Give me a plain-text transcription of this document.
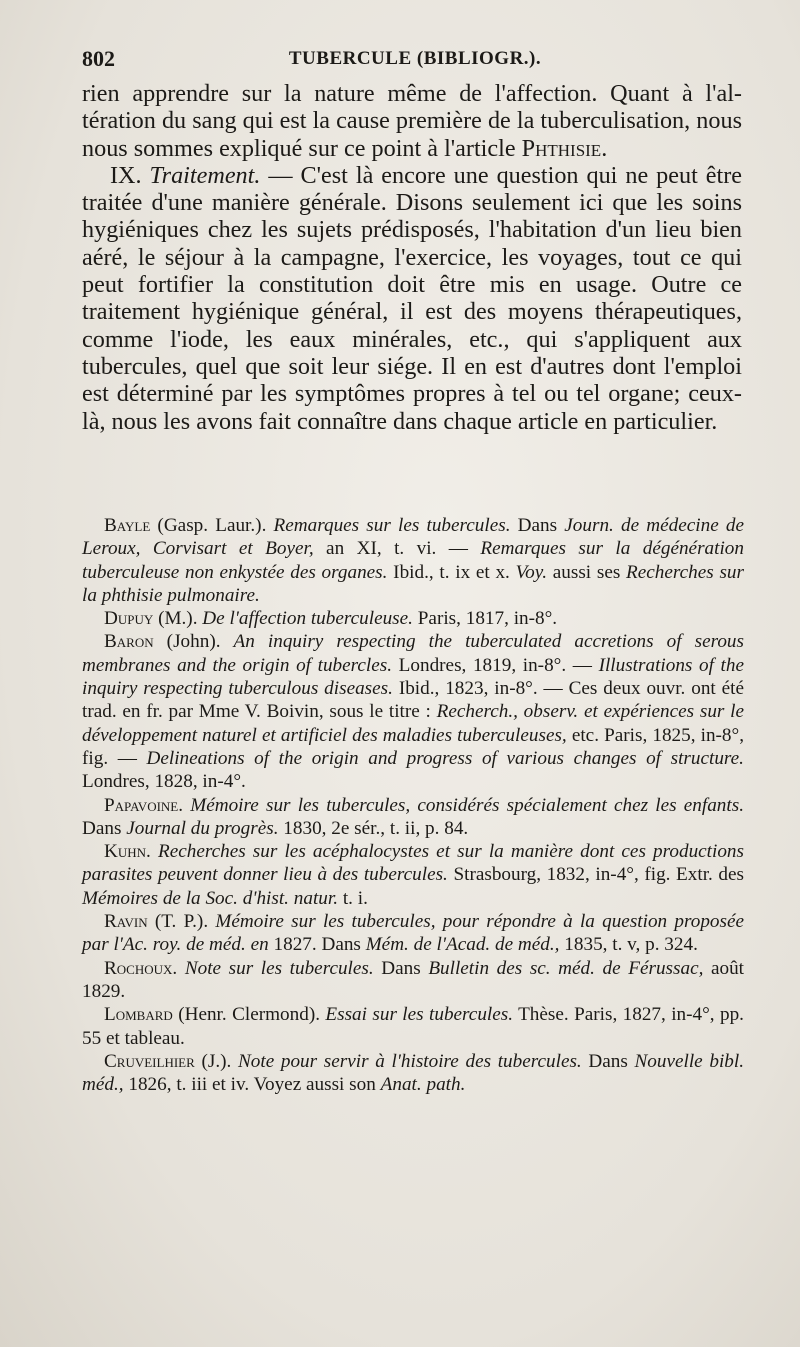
802	TUBERCULE (BIBLIOGR.).

rien apprendre sur la nature même de l'affection. Quant à l'al- tération du sang qui est la cause première de la tuberculisation, nous nous sommes expliqué sur ce point à l'article Phthisie.

IX. Traitement. — C'est là encore une question qui ne peut être traitée d'une manière générale. Disons seulement ici que les soins hygiéniques chez les sujets prédisposés, l'habitation d'un lieu bien aéré, le séjour à la campagne, l'exercice, les voyages, tout ce qui peut fortifier la constitution doit être mis en usage. Outre ce traitement hygiénique général, il est des moyens thérapeutiques, comme l'iode, les eaux minérales, etc., qui s'appliquent aux tubercules, quel que soit leur siége. Il en est d'autres dont l'emploi est déterminé par les symptômes propres à tel ou tel organe; ceux-là, nous les avons fait connaître dans chaque article en particulier.

Bayle (Gasp. Laur.). Remarques sur les tubercules. Dans Journ. de médecine de Leroux, Corvisart et Boyer, an XI, t. vi. — Remarques sur la dégénération tuberculeuse non enkystée des organes. Ibid., t. ix et x. Voy. aussi ses Recherches sur la phthisie pulmonaire.

Dupuy (M.). De l'affection tuberculeuse. Paris, 1817, in-8°.

Baron (John). An inquiry respecting the tuberculated accretions of serous membranes and the origin of tubercles. Londres, 1819, in-8°. — Illustrations of the inquiry respecting tuberculous diseases. Ibid., 1823, in-8°. — Ces deux ouvr. ont été trad. en fr. par Mme V. Boivin, sous le titre : Recherch., observ. et expériences sur le développement naturel et artificiel des maladies tuberculeuses, etc. Paris, 1825, in-8°, fig. — Delineations of the origin and progress of various changes of structure. Londres, 1828, in-4°.

Papavoine. Mémoire sur les tubercules, considérés spécialement chez les enfants. Dans Journal du progrès. 1830, 2e sér., t. ii, p. 84.

Kuhn. Recherches sur les acéphalocystes et sur la manière dont ces productions parasites peuvent donner lieu à des tubercules. Strasbourg, 1832, in-4°, fig. Extr. des Mémoires de la Soc. d'hist. natur. t. i.

Ravin (T. P.). Mémoire sur les tubercules, pour répondre à la question proposée par l'Ac. roy. de méd. en 1827. Dans Mém. de l'Acad. de méd., 1835, t. v, p. 324.

Rochoux. Note sur les tubercules. Dans Bulletin des sc. méd. de Férussac, août 1829.

Lombard (Henr. Clermond). Essai sur les tubercules. Thèse. Paris, 1827, in-4°, pp. 55 et tableau.

Cruveilhier (J.). Note pour servir à l'histoire des tubercules. Dans Nouvelle bibl. méd., 1826, t. iii et iv. Voyez aussi son Anat. path.
